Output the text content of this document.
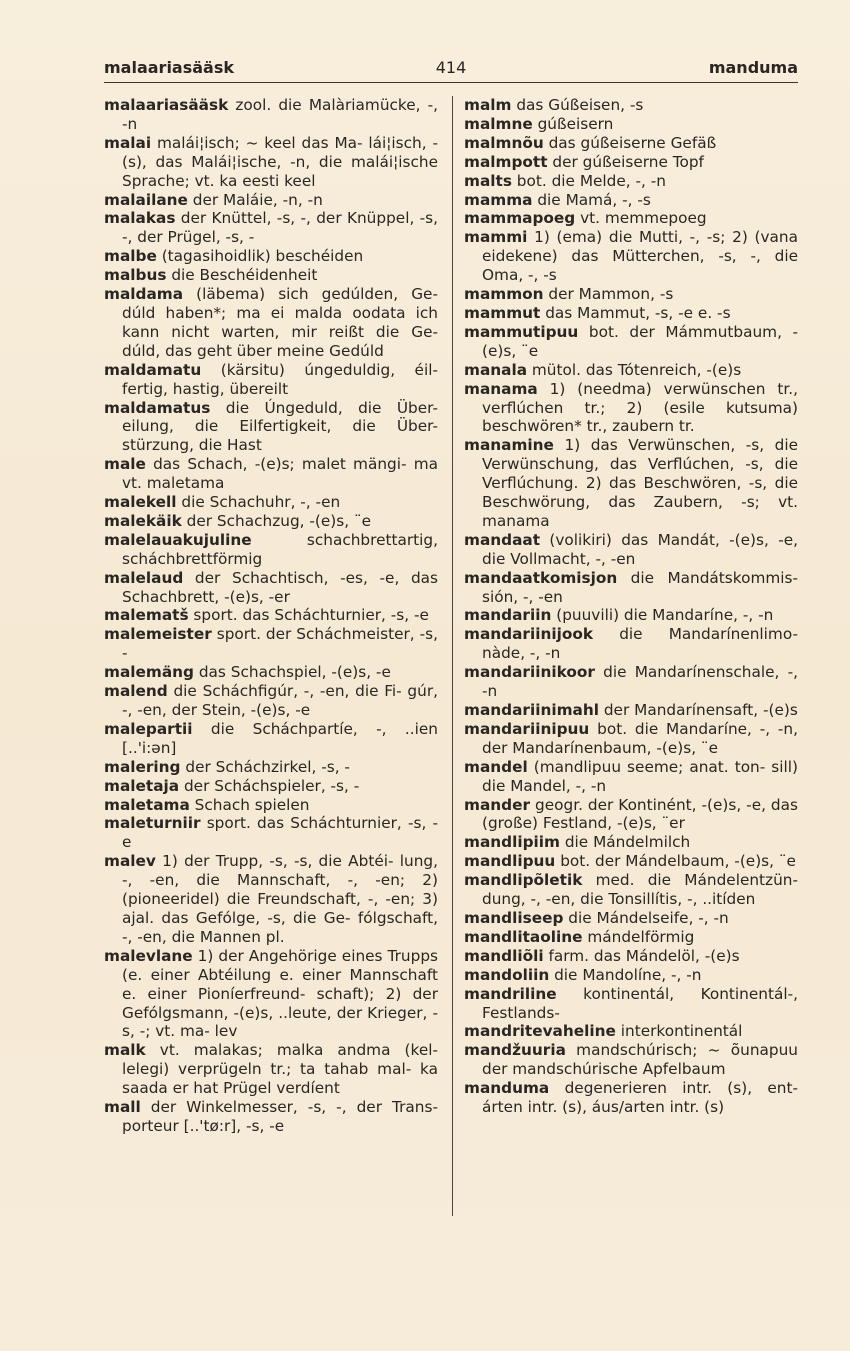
malaariasääsk	414	manduma

malaariasääsk zool. die Malàriamücke, -, -n

malai malái¦isch; ~ keel das Ma- lái¦isch, -(s), das Malái¦ische, -n, die malái¦ische Sprache; vt. ka eesti keel

malailane der Maláie, -n, -n

malakas der Knüttel, -s, -, der Knüppel, -s, -, der Prügel, -s, -

malbe (tagasihoidlik) beschéiden

malbus die Beschéidenheit

maldama (läbema) sich gedúlden, Ge- dúld haben*; ma ei malda oodata ich kann nicht warten, mir reißt die Ge- dúld, das geht über meine Gedúld

maldamatu (kärsitu) úngeduldig, éil- fertig, hastig, übereilt

maldamatus die Úngeduld, die Über- eilung, die Eilfertigkeit, die Über- stürzung, die Hast

male das Schach, -(e)s; malet mängi- ma vt. maletama

malekell die Schachuhr, -, -en

malekäik der Schachzug, -(e)s, ¨e

malelauakujuline schachbrettartig, scháchbrettförmig

malelaud der Schachtisch, -es, -e, das Schachbrett, -(e)s, -er

malematš sport. das Scháchturnier, -s, -e

malemeister sport. der Scháchmeister, -s, -

malemäng das Schachspiel, -(e)s, -e

malend die Scháchfigúr, -, -en, die Fi- gúr, -, -en, der Stein, -(e)s, -e

malepartii die Scháchpartíe, -, ..ien [..'i:ən]

malering der Scháchzirkel, -s, -

maletaja der Scháchspieler, -s, -

maletama Schach spielen

maleturniir sport. das Scháchturnier, -s, -e

malev 1) der Trupp, -s, -s, die Abtéi- lung, -, -en, die Mannschaft, -, -en; 2) (pioneeridel) die Freundschaft, -, -en; 3) ajal. das Gefólge, -s, die Ge- fólgschaft, -, -en, die Mannen pl.

malevlane 1) der Angehörige eines Trupps (e. einer Abtéilung e. einer Mannschaft e. einer Pioníerfreund- schaft); 2) der Gefólgsmann, -(e)s, ..leute, der Krieger, -s, -; vt. ma- lev

malk vt. malakas; malka andma (kel- lelegi) verprügeln tr.; ta tahab mal- ka saada er hat Prügel verdíent

mall der Winkelmesser, -s, -, der Trans- porteur [..'tø:r], -s, -e

malm das Gúßeisen, -s

malmne gúßeisern

malmnõu das gúßeiserne Gefäß

malmpott der gúßeiserne Topf

malts bot. die Melde, -, -n

mamma die Mamá, -, -s

mammapoeg vt. memmepoeg

mammi 1) (ema) die Mutti, -, -s; 2) (vana eidekene) das Mütterchen, -s, -, die Oma, -, -s

mammon der Mammon, -s

mammut das Mammut, -s, -e e. -s

mammutipuu bot. der Mámmutbaum, -(e)s, ¨e

manala mütol. das Tótenreich, -(e)s

manama 1) (needma) verwünschen tr., verflúchen tr.; 2) (esile kutsuma) beschwören* tr., zaubern tr.

manamine 1) das Verwünschen, -s, die Verwünschung, das Verflúchen, -s, die Verflúchung. 2) das Beschwören, -s, die Beschwörung, das Zaubern, -s; vt. manama

mandaat (volikiri) das Mandát, -(e)s, -e, die Vollmacht, -, -en

mandaatkomisjon die Mandátskommis- sión, -, -en

mandariin (puuvili) die Mandaríne, -, -n

mandariinijook die Mandarínenlimo- nàde, -, -n

mandariinikoor die Mandarínenschale, -, -n

mandariinimahl der Mandarínensaft, -(e)s

mandariinipuu bot. die Mandaríne, -, -n, der Mandarínenbaum, -(e)s, ¨e

mandel (mandlipuu seeme; anat. ton- sill) die Mandel, -, -n

mander geogr. der Kontinént, -(e)s, -e, das (große) Festland, -(e)s, ¨er

mandlipiim die Mándelmilch

mandlipuu bot. der Mándelbaum, -(e)s, ¨e

mandlipõletik med. die Mándelentzün- dung, -, -en, die Tonsillítis, -, ..itíden

mandliseep die Mándelseife, -, -n

mandlitaoline mándelförmig

mandliõli farm. das Mándelöl, -(e)s

mandoliin die Mandolíne, -, -n

mandriline kontinentál, Kontinentál-, Festlands-

mandritevaheline interkontinentál

mandžuuria mandschúrisch; ~ õunapuu der mandschúrische Apfelbaum

manduma degenerieren intr. (s), ent- árten intr. (s), áus/arten intr. (s)
